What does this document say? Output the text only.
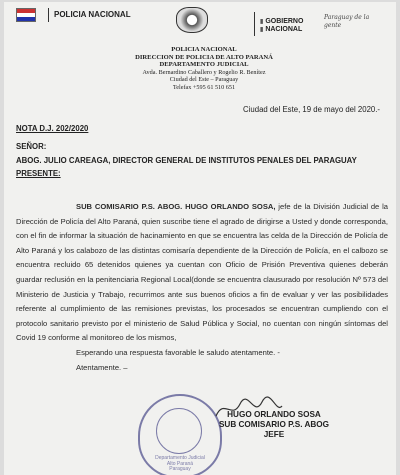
POLICIA NACIONAL
▮ GOBIERNO
▮ NACIONAL
Paraguay de la gente
POLICIA NACIONAL
DIRECCION DE POLICIA DE ALTO PARANÁ
DEPARTAMENTO JUDICIAL
Avda. Bernardino Caballero y Rogelio R. Benítez
Ciudad del Este – Paraguay
Telefax +595 61 510 651
Ciudad del Este, 19 de mayo del 2020.-
NOTA D.J. 202/2020
SEÑOR:
ABOG. JULIO CAREAGA, DIRECTOR GENERAL DE INSTITUTOS PENALES DEL PARAGUAY
PRESENTE:

SUB COMISARIO P.S. ABOG. HUGO ORLANDO SOSA, jefe de la División Judicial de la Dirección de Policía del Alto Paraná, quien suscribe tiene el agrado de dirigirse a Usted y donde corresponda, con el fin de informar la situación de hacinamiento en que se encuentra las celda de la Dirección de Policía de Alto Paraná y los calabozo de las distintas comisaría dependiente de la Dirección de Policía, en el calbozo se encuentra recluido 65 detenidos quienes ya cuentan con Oficio de Prisión Preventiva quienes deberán guardar reclusión en la penitenciaria Regional Local(donde se encuentra clausurado por resolución Nº 573 del Ministerio de Justicia y Trabajo, recurrimos ante sus buenos oficios a fin de evaluar y ver las posibilidades referente al cumplimiento de las remisiones previstas, los procesados se encuentran cumpliendo con el protocolo sanitario previsto por el ministerio de Salud Pública y Social, no cuentan con ningún síntomas del Covid 19 conforme al monitoreo de los mismos,

Esperando una respuesta favorable le saludo atentamente. -

Atentamente. –

Departamento Judicial
Alto Paraná
Paraguay
HUGO ORLANDO SOSA
SUB COMISARIO P.S. ABOG
JEFE
